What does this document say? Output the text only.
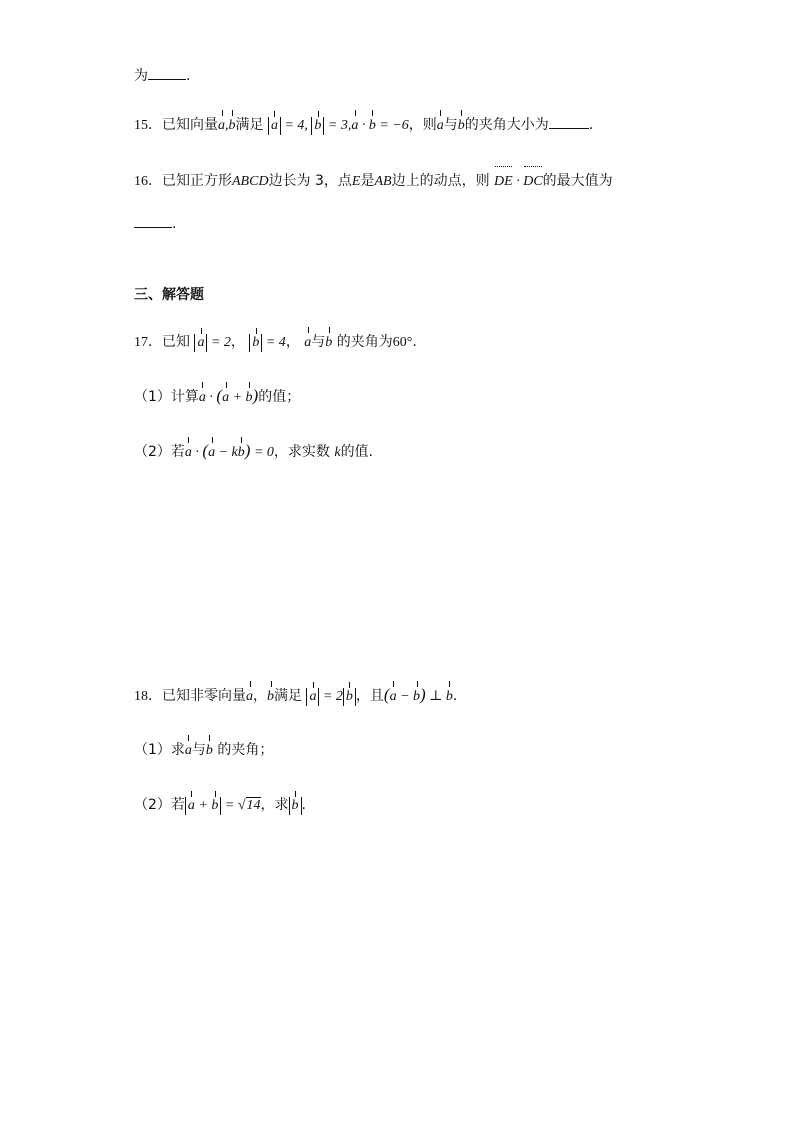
为	.
15．已知向量a,b满足 a = 4, b = 3,a · b = −6，则a与b的夹角大小为	.
16．已知正方形ABCD边长为 3，点E是AB边上的动点，则 DE · DC的最大值为
.
三、解答题
17．已知 a = 2， b = 4， a与b 的夹角为60°.
（1）计算a · (a + b)的值；
（2）若a · (a − kb) = 0，求实数 k的值.
18．已知非零向量a，b满足 a = 2 b ，且(a − b) ⊥ b.
（1）求a与b 的夹角；
（2）若 a + b = √14，求 b .
